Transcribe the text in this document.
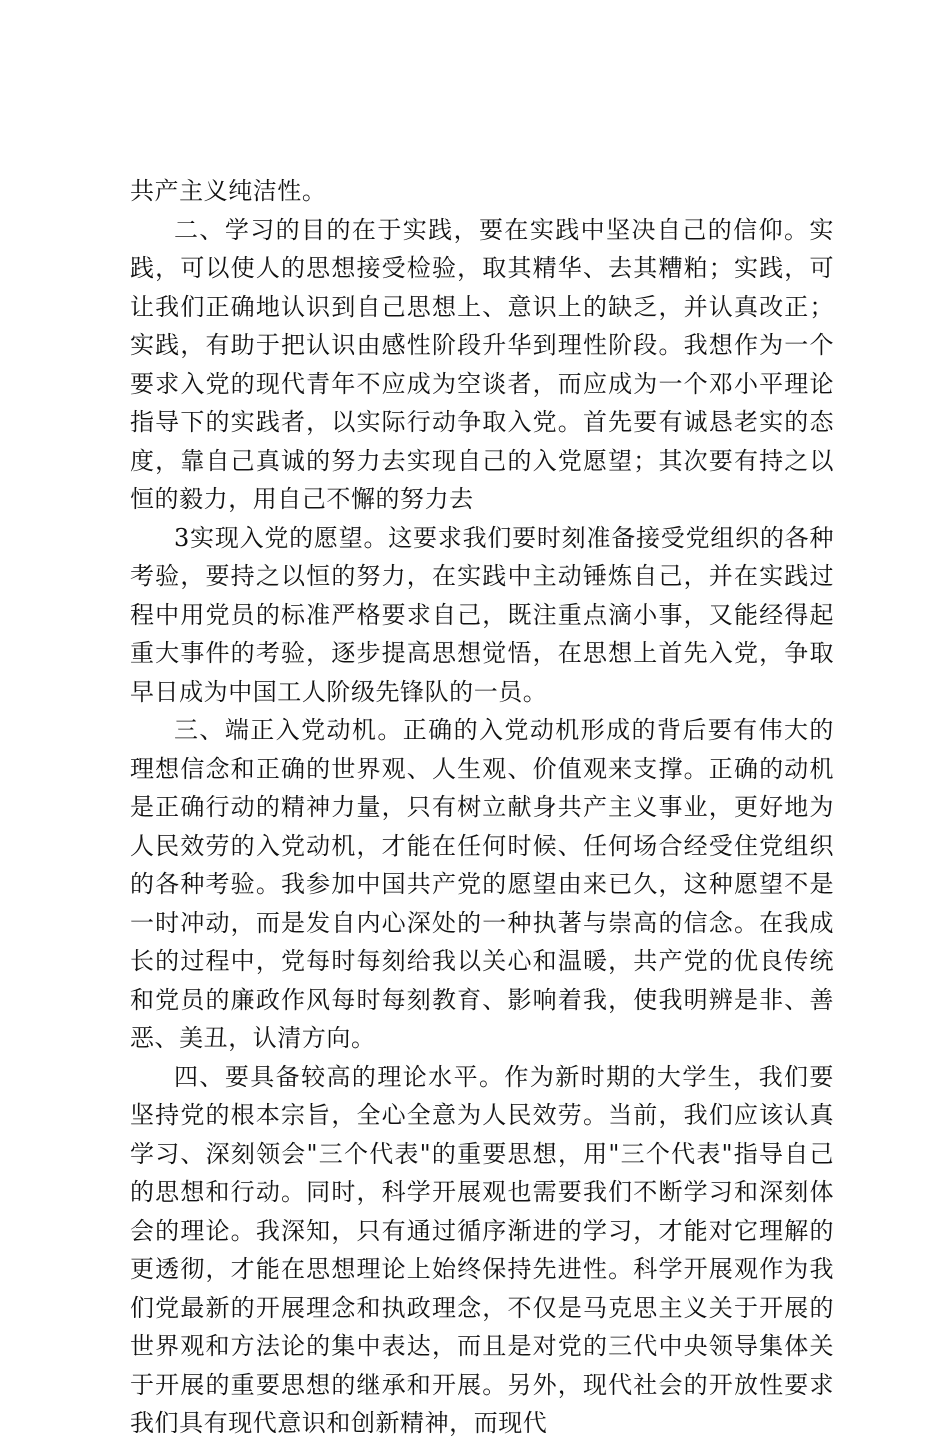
共产主义纯洁性。

二、学习的目的在于实践，要在实践中坚决自己的信仰。实践，可以使人的思想接受检验，取其精华、去其糟粕；实践，可让我们正确地认识到自己思想上、意识上的缺乏，并认真改正；实践，有助于把认识由感性阶段升华到理性阶段。我想作为一个要求入党的现代青年不应成为空谈者，而应成为一个邓小平理论指导下的实践者，以实际行动争取入党。首先要有诚恳老实的态度，靠自己真诚的努力去实现自己的入党愿望；其次要有持之以恒的毅力，用自己不懈的努力去

3实现入党的愿望。这要求我们要时刻准备接受党组织的各种考验，要持之以恒的努力，在实践中主动锤炼自己，并在实践过程中用党员的标准严格要求自己，既注重点滴小事，又能经得起重大事件的考验，逐步提高思想觉悟，在思想上首先入党，争取早日成为中国工人阶级先锋队的一员。

三、端正入党动机。正确的入党动机形成的背后要有伟大的理想信念和正确的世界观、人生观、价值观来支撑。正确的动机是正确行动的精神力量，只有树立献身共产主义事业，更好地为人民效劳的入党动机，才能在任何时候、任何场合经受住党组织的各种考验。我参加中国共产党的愿望由来已久，这种愿望不是一时冲动，而是发自内心深处的一种执著与崇高的信念。在我成长的过程中，党每时每刻给我以关心和温暖，共产党的优良传统和党员的廉政作风每时每刻教育、影响着我，使我明辨是非、善恶、美丑，认清方向。

四、要具备较高的理论水平。作为新时期的大学生，我们要坚持党的根本宗旨，全心全意为人民效劳。当前，我们应该认真学习、深刻领会"三个代表"的重要思想，用"三个代表"指导自己的思想和行动。同时，科学开展观也需要我们不断学习和深刻体会的理论。我深知，只有通过循序渐进的学习，才能对它理解的更透彻，才能在思想理论上始终保持先进性。科学开展观作为我们党最新的开展理念和执政理念，不仅是马克思主义关于开展的世界观和方法论的集中表达，而且是对党的三代中央领导集体关于开展的重要思想的继承和开展。另外，现代社会的开放性要求我们具有现代意识和创新精神，而现代
